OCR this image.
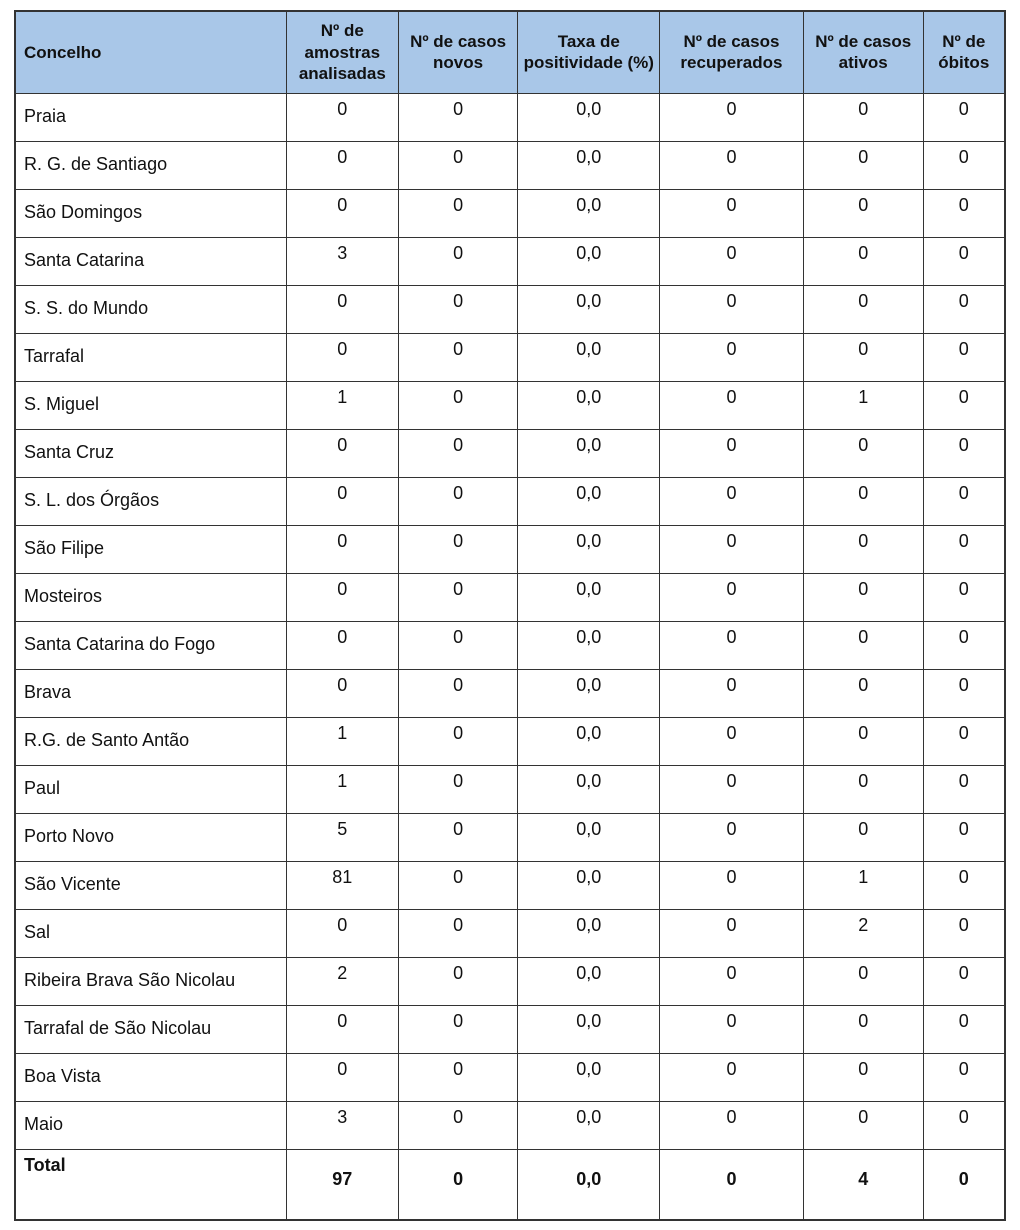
Concelho	Nº de amostras analisadas	Nº de casos novos	Taxa de positividade (%)	Nº de casos recuperados	Nº de casos ativos	Nº de óbitos
Praia	0	0	0,0	0	0	0
R. G. de Santiago	0	0	0,0	0	0	0
São Domingos	0	0	0,0	0	0	0
Santa Catarina	3	0	0,0	0	0	0
S. S. do Mundo	0	0	0,0	0	0	0
Tarrafal	0	0	0,0	0	0	0
S. Miguel	1	0	0,0	0	1	0
Santa Cruz	0	0	0,0	0	0	0
S. L. dos Órgãos	0	0	0,0	0	0	0
São Filipe	0	0	0,0	0	0	0
Mosteiros	0	0	0,0	0	0	0
Santa Catarina do Fogo	0	0	0,0	0	0	0
Brava	0	0	0,0	0	0	0
R.G. de Santo Antão	1	0	0,0	0	0	0
Paul	1	0	0,0	0	0	0
Porto Novo	5	0	0,0	0	0	0
São Vicente	81	0	0,0	0	1	0
Sal	0	0	0,0	0	2	0
Ribeira Brava São Nicolau	2	0	0,0	0	0	0
Tarrafal de São Nicolau	0	0	0,0	0	0	0
Boa Vista	0	0	0,0	0	0	0
Maio	3	0	0,0	0	0	0
Total	97	0	0,0	0	4	0
